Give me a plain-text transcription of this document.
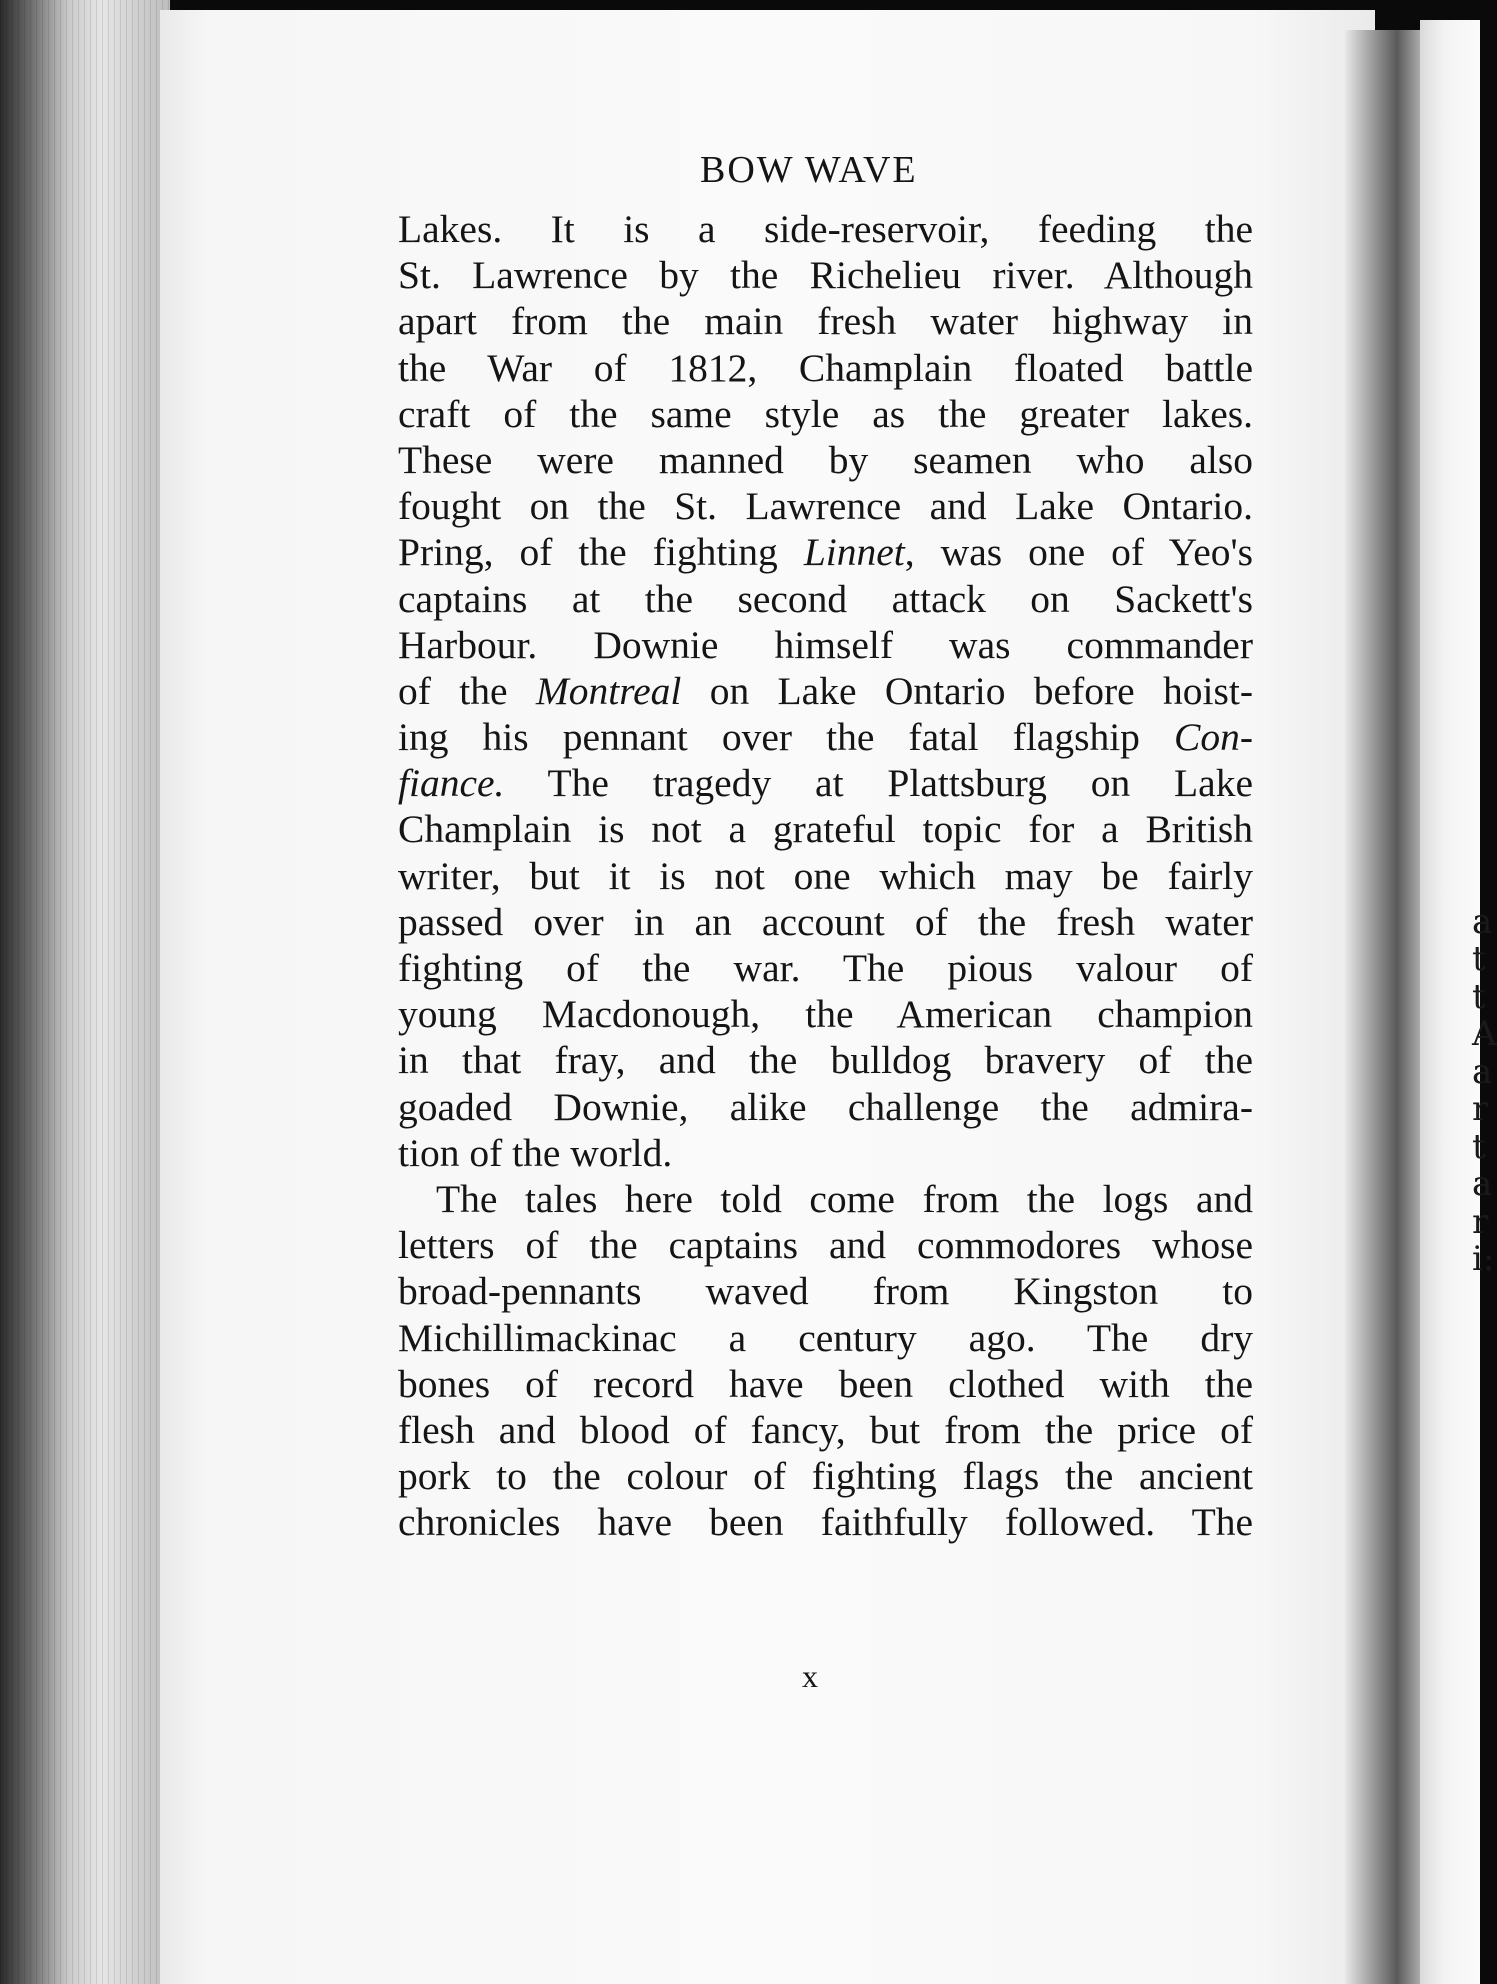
a
t
t
A
a
r
t
a
r
i:
BOW WAVE
Lakes. It is a side-reservoir, feeding the
St. Lawrence by the Richelieu river. Although
apart from the main fresh water highway in
the War of 1812, Champlain floated battle
craft of the same style as the greater lakes.
These were manned by seamen who also
fought on the St. Lawrence and Lake Ontario.
Pring, of the fighting Linnet, was one of Yeo's
captains at the second attack on Sackett's
Harbour. Downie himself was commander
of the Montreal on Lake Ontario before hoist-
ing his pennant over the fatal flagship Con-
fiance. The tragedy at Plattsburg on Lake
Champlain is not a grateful topic for a British
writer, but it is not one which may be fairly
passed over in an account of the fresh water
fighting of the war. The pious valour of
young Macdonough, the American champion
in that fray, and the bulldog bravery of the
goaded Downie, alike challenge the admira-
tion of the world.
The tales here told come from the logs and
letters of the captains and commodores whose
broad-pennants waved from Kingston to
Michillimackinac a century ago. The dry
bones of record have been clothed with the
flesh and blood of fancy, but from the price of
pork to the colour of fighting flags the ancient
chronicles have been faithfully followed. The
x
